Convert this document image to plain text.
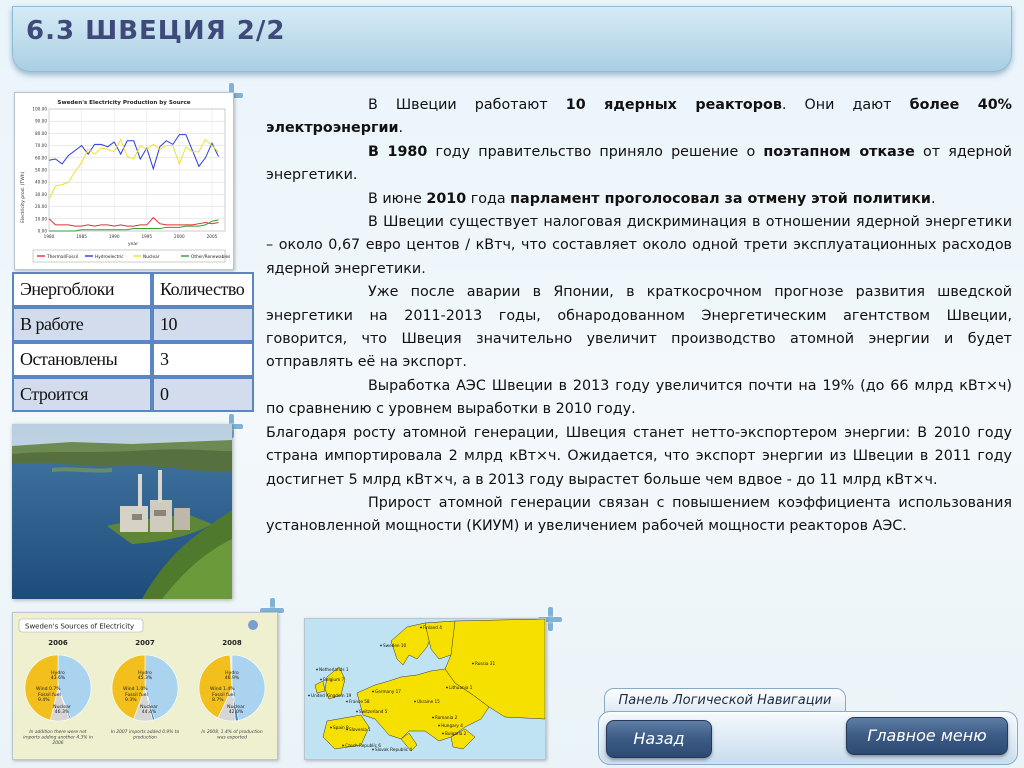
6.3 ШВЕЦИЯ 2/2
Sweden's Electricity Production by Source
Electricity prod. (TWh)
year
100.00
90.00
80.00
70.00
60.00
50.00
40.00
30.00
20.00
10.00
0.00
1980	1985	1990	1995	2000	2005
Thermal/Fossil	Hydroelectric	Nuclear	Other/Renewables
Энергоблоки	Количество
В работе	10
Остановлены	3
Строится	0
Sweden's Sources of Electricity
2006
Hydro 43.6%
Wind 0.7%
Fossil fuel 9.4%
Nuclear 46.3%
In addition there were net imports adding another 4.3% in 2006
2007
Hydro 45.3%
Wind 1.0%
Fossil fuel 9.3%
Nuclear 44.4%
In 2007 imports added 0.9% to production
2008
Hydro 46.9%
Wind 1.4%
Fossil fuel 8.7%
Nuclear 42.0%
In 2008, 1.4% of production was exported
Finland 4
Sweden 10
Netherlands 1
Belgium 7
United Kingdom 19
France 58
Spain 8
Switzerland 5
Slovenia 1
Czech Republic 6
Slovak Republic 4
Germany 17
Ukraine 15
Lithuania 1
Russia 31
Romania 2
Bulgaria 2
Hungary 4

В Швеции работают 10 ядерных реакторов. Они дают более 40% электроэнергии.

В 1980 году правительство приняло решение о поэтапном отказе от ядерной энергетики.

В июне 2010 года парламент проголосовал за отмену этой политики.

В Швеции существует налоговая дискриминация в отношении ядерной энергетики – около 0,67 евро центов / кВтч, что составляет около одной трети эксплуатационных расходов ядерной энергетики.

Уже после аварии в Японии, в краткосрочном прогнозе развития шведской энергетики на 2011-2013 годы, обнародованном Энергетическим агентством Швеции, говорится, что Швеция значительно увеличит производство атомной энергии и будет отправлять её на экспорт.

Выработка АЭС Швеции в 2013 году увеличится почти на 19% (до 66 млрд кВт×ч) по сравнению с уровнем выработки в 2010 году.

Благодаря росту атомной генерации, Швеция станет нетто-экспортером энергии: В 2010 году страна импортировала 2 млрд кВт×ч. Ожидается, что экспорт энергии из Швеции в 2011 году достигнет 5 млрд кВт×ч, а в 2013 году вырастет больше чем вдвое - до 11 млрд кВт×ч.

Прирост атомной генерации связан с повышением коэффициента использования установленной мощности (КИУМ) и увеличением рабочей мощности реакторов АЭС.

Панель Логической Навигации
Назад	Главное меню
